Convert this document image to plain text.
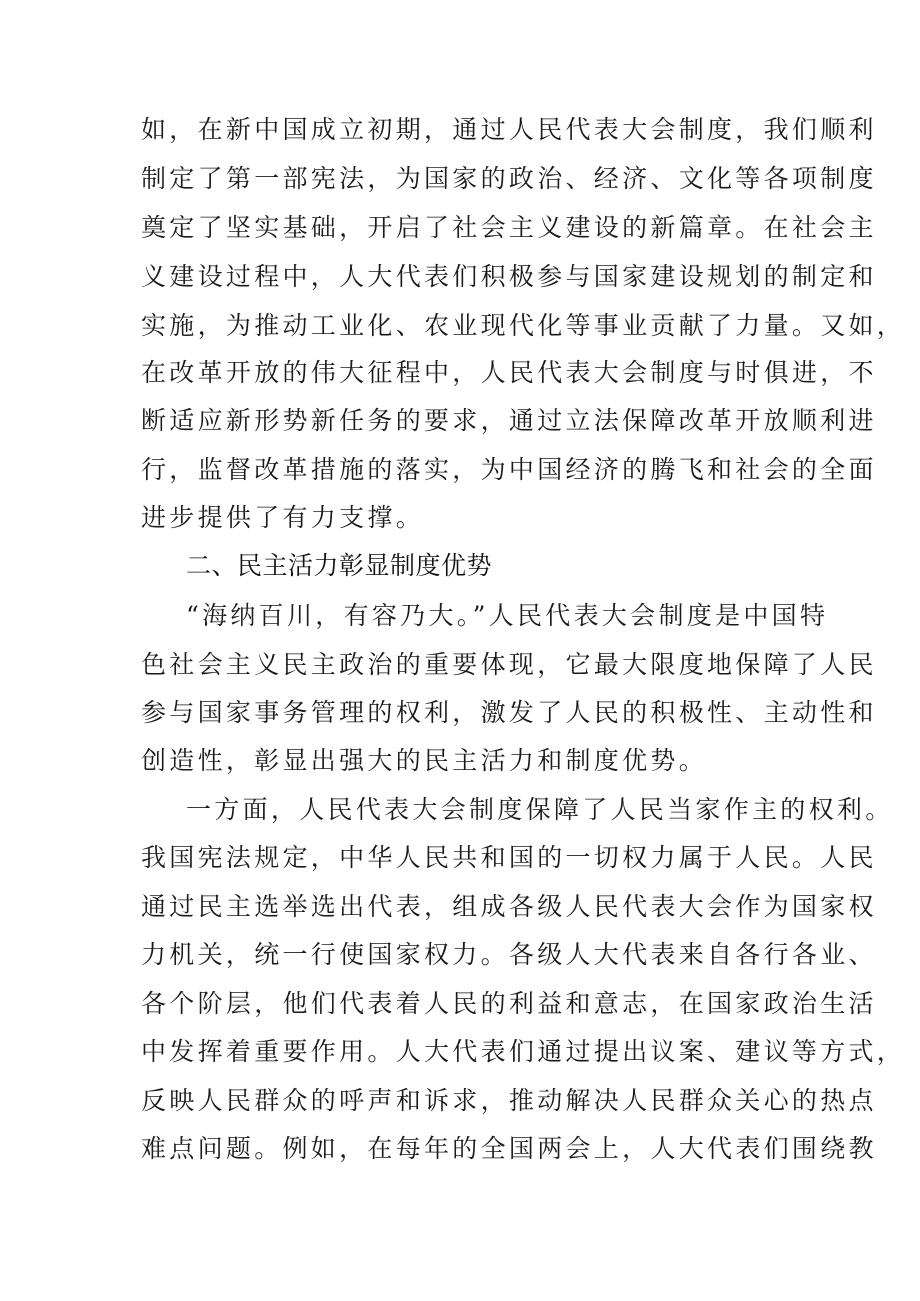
如，在新中国成立初期，通过人民代表大会制度，我们顺利
制定了第一部宪法，为国家的政治、经济、文化等各项制度
奠定了坚实基础，开启了社会主义建设的新篇章。在社会主
义建设过程中，人大代表们积极参与国家建设规划的制定和
实施，为推动工业化、农业现代化等事业贡献了力量。又如，
在改革开放的伟大征程中，人民代表大会制度与时俱进，不
断适应新形势新任务的要求，通过立法保障改革开放顺利进
行，监督改革措施的落实，为中国经济的腾飞和社会的全面
进步提供了有力支撑。
二、民主活力彰显制度优势
“海纳百川，有容乃大。”人民代表大会制度是中国特
色社会主义民主政治的重要体现，它最大限度地保障了人民
参与国家事务管理的权利，激发了人民的积极性、主动性和
创造性，彰显出强大的民主活力和制度优势。
一方面，人民代表大会制度保障了人民当家作主的权利。
我国宪法规定，中华人民共和国的一切权力属于人民。人民
通过民主选举选出代表，组成各级人民代表大会作为国家权
力机关，统一行使国家权力。各级人大代表来自各行各业、
各个阶层，他们代表着人民的利益和意志，在国家政治生活
中发挥着重要作用。人大代表们通过提出议案、建议等方式，
反映人民群众的呼声和诉求，推动解决人民群众关心的热点
难点问题。例如，在每年的全国两会上，人大代表们围绕教
